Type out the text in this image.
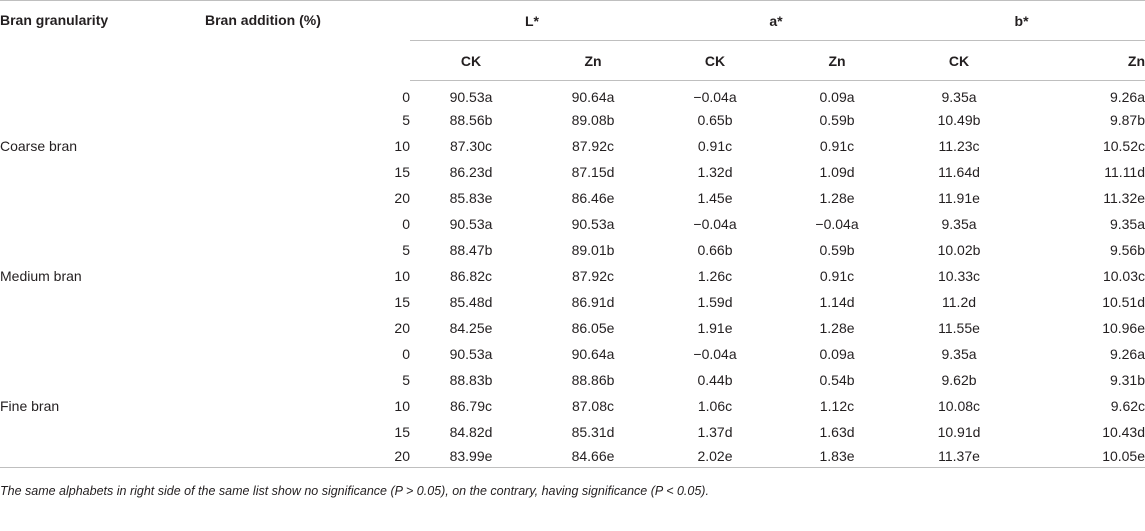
Bran granularity	Bran addition (%)	L*		a*		b*	
		CK	Zn	CK	Zn	CK	Zn
	0	90.53a	90.64a	−0.04a	0.09a	9.35a	9.26a
	5	88.56b	89.08b	0.65b	0.59b	10.49b	9.87b
Coarse bran	10	87.30c	87.92c	0.91c	0.91c	11.23c	10.52c
	15	86.23d	87.15d	1.32d	1.09d	11.64d	11.11d
	20	85.83e	86.46e	1.45e	1.28e	11.91e	11.32e
	0	90.53a	90.53a	−0.04a	−0.04a	9.35a	9.35a
	5	88.47b	89.01b	0.66b	0.59b	10.02b	9.56b
Medium bran	10	86.82c	87.92c	1.26c	0.91c	10.33c	10.03c
	15	85.48d	86.91d	1.59d	1.14d	11.2d	10.51d
	20	84.25e	86.05e	1.91e	1.28e	11.55e	10.96e
	0	90.53a	90.64a	−0.04a	0.09a	9.35a	9.26a
	5	88.83b	88.86b	0.44b	0.54b	9.62b	9.31b
Fine bran	10	86.79c	87.08c	1.06c	1.12c	10.08c	9.62c
	15	84.82d	85.31d	1.37d	1.63d	10.91d	10.43d
	20	83.99e	84.66e	2.02e	1.83e	11.37e	10.05e
The same alphabets in right side of the same list show no significance (P > 0.05), on the contrary, having significance (P < 0.05).
